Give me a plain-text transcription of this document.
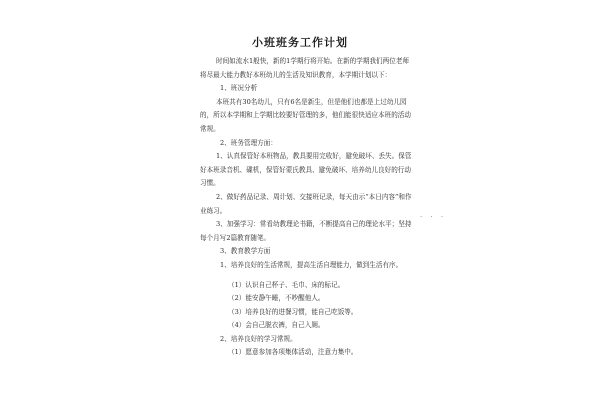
小班班务工作计划

时间如流水1般快，新的1学期行将开始。在新的学期我们两位老师将尽最大能力教好本班幼儿的生活及知识教育，本学期计划以下：

1、班况分析

本班共有30名幼儿，只有6名是新生，但是他们也都是上过幼儿园的，所以本学期和上学期比较要好管理的多，他们能很快适应本班的活动常规。

2、班务管理方面：

1、认真保管好本班物品，教具要用完收好，避免破坏、丢失。保管好本班录音机、碟机，保管好蒙氏教具、避免破坏、培养幼儿良好的行动习惯。

2、做好药品记录、周计划、交接班记录，每天由示“本日内容”和作业练习。

3、加强学习：常看幼教理论书籍，不断提高自己的理论水平；坚持每个月写2篇教育随笔。

3、教育教学方面

1、培养良好的生活常规，提高生活自理能力，做到生活有序。

（1）认识自己杯子、毛巾、床的标记。

（2）能安静午睡，不吵醒他人。

（3）培养良好的进餐习惯，能自己吃饭等。

（4）会自己脱衣裤，自己入厕。

2、培养良好的学习常规。

（1）愿意参加各项集体活动，注意力集中。

. . .
